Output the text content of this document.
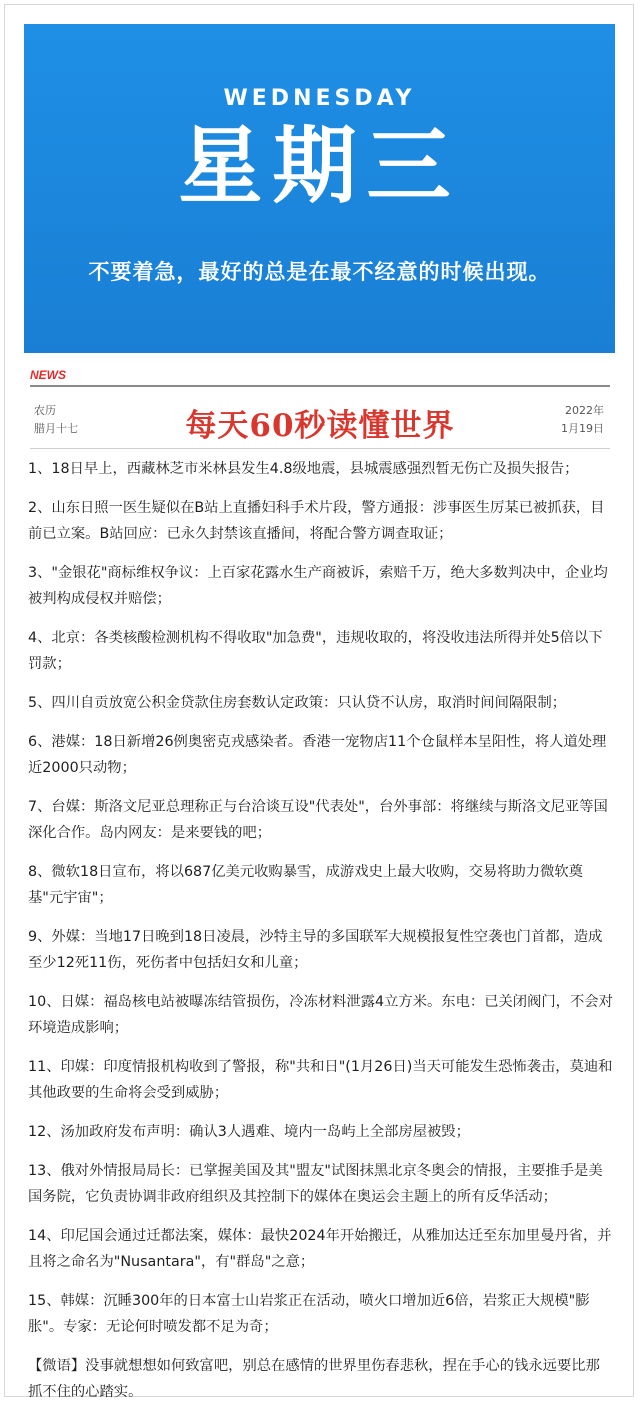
WEDNESDAY
星期三
不要着急，最好的总是在最不经意的时候出现。
NEWS
农历
腊月十七	每天60秒读懂世界	2022年
1月19日

1、18日早上，西藏林芝市米林县发生4.8级地震，县城震感强烈暂无伤亡及损失报告；

2、山东日照一医生疑似在B站上直播妇科手术片段，警方通报：涉事医生厉某已被抓获，目前已立案。B站回应：已永久封禁该直播间，将配合警方调查取证；

3、"金银花"商标维权争议：上百家花露水生产商被诉，索赔千万，绝大多数判决中，企业均被判构成侵权并赔偿；

4、北京：各类核酸检测机构不得收取"加急费"，违规收取的，将没收违法所得并处5倍以下罚款；

5、四川自贡放宽公积金贷款住房套数认定政策：只认贷不认房，取消时间间隔限制；

6、港媒：18日新增26例奥密克戎感染者。香港一宠物店11个仓鼠样本呈阳性，将人道处理近2000只动物；

7、台媒：斯洛文尼亚总理称正与台洽谈互设"代表处"，台外事部：将继续与斯洛文尼亚等国深化合作。岛内网友：是来要钱的吧；

8、微软18日宣布，将以687亿美元收购暴雪，成游戏史上最大收购，交易将助力微软奠基"元宇宙"；

9、外媒：当地17日晚到18日凌晨，沙特主导的多国联军大规模报复性空袭也门首都，造成至少12死11伤，死伤者中包括妇女和儿童；

10、日媒：福岛核电站被曝冻结管损伤，冷冻材料泄露4立方米。东电：已关闭阀门，不会对环境造成影响；

11、印媒：印度情报机构收到了警报，称"共和日"(1月26日)当天可能发生恐怖袭击，莫迪和其他政要的生命将会受到威胁；

12、汤加政府发布声明：确认3人遇难、境内一岛屿上全部房屋被毁；

13、俄对外情报局局长：已掌握美国及其"盟友"试图抹黑北京冬奥会的情报，主要推手是美国务院，它负责协调非政府组织及其控制下的媒体在奥运会主题上的所有反华活动；

14、印尼国会通过迁都法案，媒体：最快2024年开始搬迁，从雅加达迁至东加里曼丹省，并且将之命名为"Nusantara"，有"群岛"之意；

15、韩媒：沉睡300年的日本富士山岩浆正在活动，喷火口增加近6倍，岩浆正大规模"膨胀"。专家：无论何时喷发都不足为奇；

【微语】没事就想想如何致富吧，别总在感情的世界里伤春悲秋，捏在手心的钱永远要比那抓不住的心踏实。
